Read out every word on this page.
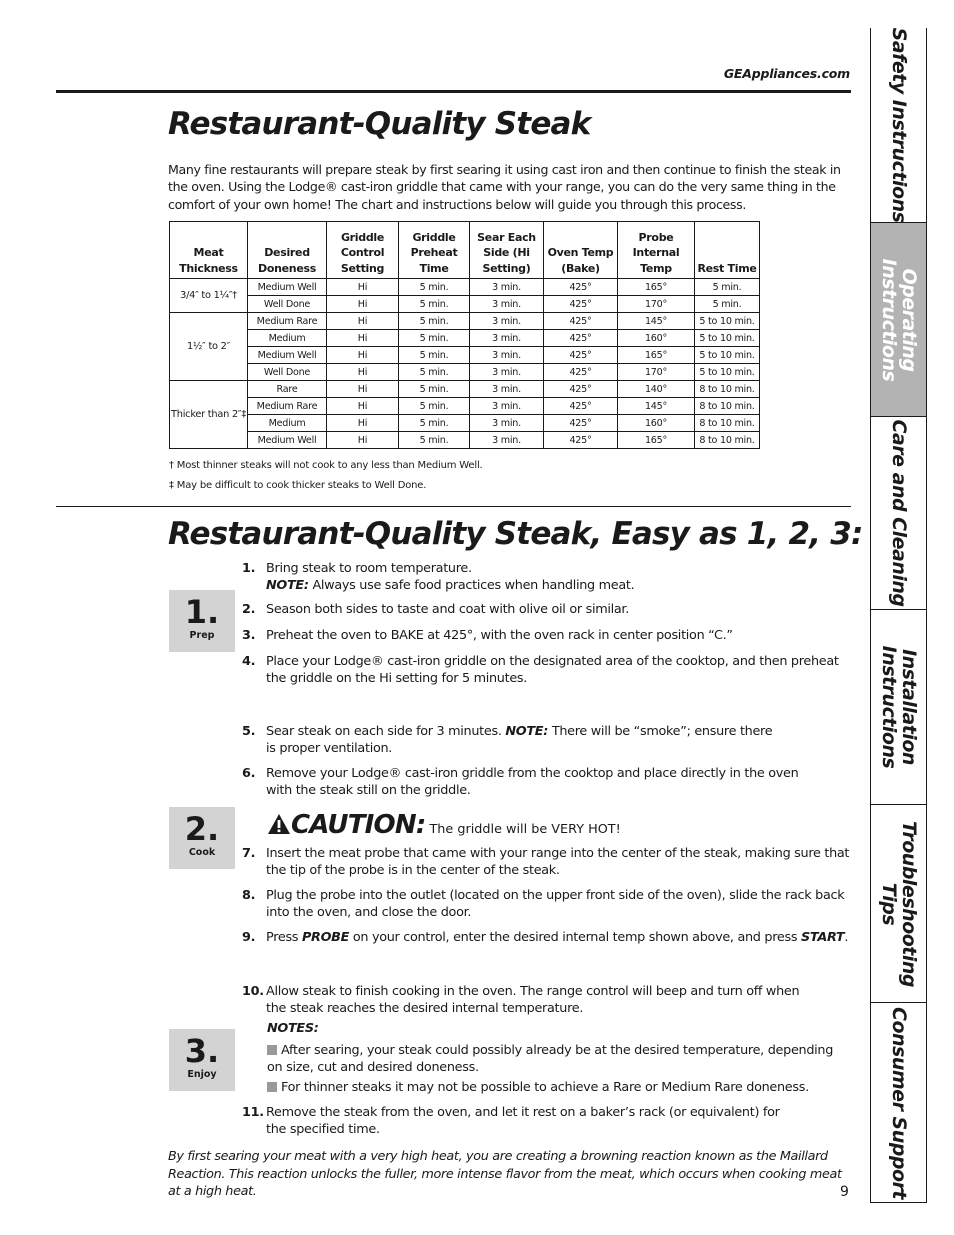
GEAppliances.com
Restaurant-Quality Steak
Many fine restaurants will prepare steak by first searing it using cast iron and then continue to finish the steak in the oven. Using the Lodge® cast-iron griddle that came with your range, you can do the very same thing in the comfort of your own home! The chart and instructions below will guide you through this process.
Meat Thickness	Desired Doneness	Griddle Control Setting	Griddle Preheat Time	Sear Each Side (Hi Setting)	Oven Temp (Bake)	Probe Internal Temp	Rest Time
3/4″ to 1¼″†	Medium Well	Hi	5 min.	3 min.	425°	165°	5 min.
	Well Done	Hi	5 min.	3 min.	425°	170°	5 min.
1½″ to 2″	Medium Rare	Hi	5 min.	3 min.	425°	145°	5 to 10 min.
	Medium	Hi	5 min.	3 min.	425°	160°	5 to 10 min.
	Medium Well	Hi	5 min.	3 min.	425°	165°	5 to 10 min.
	Well Done	Hi	5 min.	3 min.	425°	170°	5 to 10 min.
Thicker than 2″‡	Rare	Hi	5 min.	3 min.	425°	140°	8 to 10 min.
	Medium Rare	Hi	5 min.	3 min.	425°	145°	8 to 10 min.
	Medium	Hi	5 min.	3 min.	425°	160°	8 to 10 min.
	Medium Well	Hi	5 min.	3 min.	425°	165°	8 to 10 min.
† Most thinner steaks will not cook to any less than Medium Well.
‡ May be difficult to cook thicker steaks to Well Done.
Restaurant-Quality Steak, Easy as 1, 2, 3:
1.
Prep
2.
Cook
3.
Enjoy
1. Bring steak to room temperature.
NOTE: Always use safe food practices when handling meat.
2. Season both sides to taste and coat with olive oil or similar.
3. Preheat the oven to BAKE at 425°, with the oven rack in center position “C.”
4. Place your Lodge® cast-iron griddle on the designated area of the cooktop, and then preheat the griddle on the Hi setting for 5 minutes.
5. Sear steak on each side for 3 minutes. NOTE: There will be “smoke”; ensure there is proper ventilation.
6. Remove your Lodge® cast-iron griddle from the cooktop and place directly in the oven with the steak still on the griddle.
CAUTION: The griddle will be VERY HOT!
7. Insert the meat probe that came with your range into the center of the steak, making sure that the tip of the probe is in the center of the steak.
8. Plug the probe into the outlet (located on the upper front side of the oven), slide the rack back into the oven, and close the door.
9. Press PROBE on your control, enter the desired internal temp shown above, and press START.
10. Allow steak to finish cooking in the oven. The range control will beep and turn off when the steak reaches the desired internal temperature.
NOTES:
After searing, your steak could possibly already be at the desired temperature, depending on size, cut and desired doneness.
For thinner steaks it may not be possible to achieve a Rare or Medium Rare doneness.
11. Remove the steak from the oven, and let it rest on a baker’s rack (or equivalent) for the specified time.
By first searing your meat with a very high heat, you are creating a browning reaction known as the Maillard Reaction. This reaction unlocks the fuller, more intense flavor from the meat, which occurs when cooking meat at a high heat.	9
Safety Instructions
Operating
Instructions
Care and Cleaning
Installation
Instructions
Troubleshooting
Tips
Consumer Support
